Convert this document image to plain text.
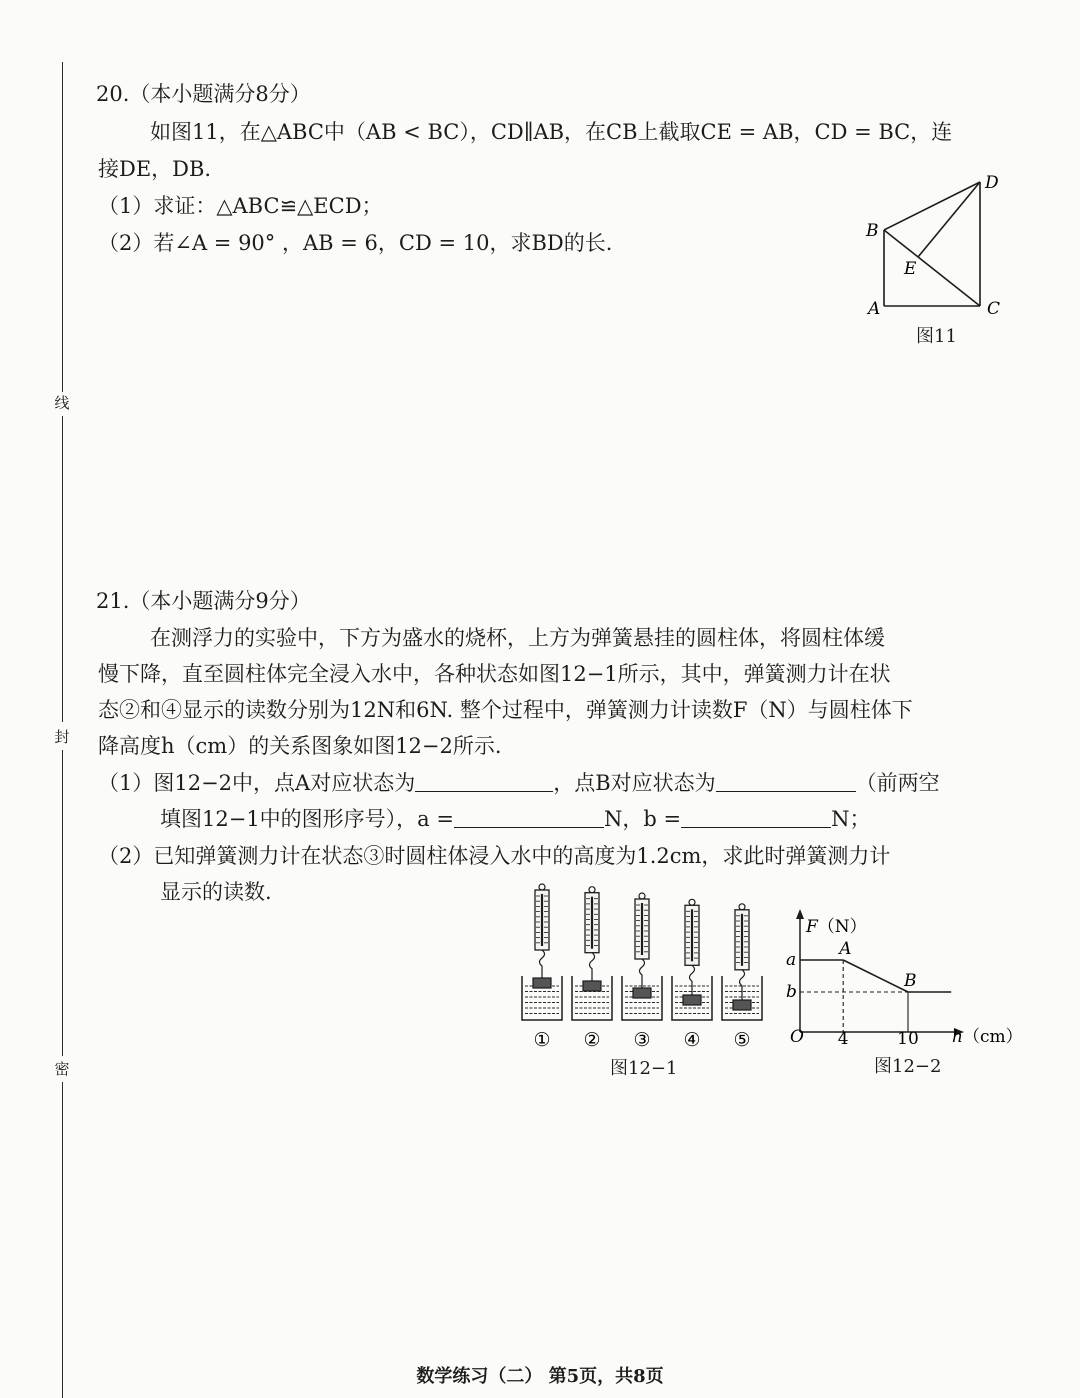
线
封
密
20.（本小题满分8分）
如图11，在△ABC中（AB < BC），CD∥AB，在CB上截取CE = AB，CD = BC，连
接DE，DB.
（1）求证：△ABC≌△ECD；
（2）若∠A = 90° ，AB = 6，CD = 10，求BD的长.
A
B
C
D
E
图11
21.（本小题满分9分）
在测浮力的实验中，下方为盛水的烧杯，上方为弹簧悬挂的圆柱体，将圆柱体缓
慢下降，直至圆柱体完全浸入水中，各种状态如图12−1所示，其中，弹簧测力计在状
态②和④显示的读数分别为12N和6N. 整个过程中，弹簧测力计读数F（N）与圆柱体下
降高度h（cm）的关系图象如图12−2所示.
（1）图12−2中，点A对应状态为	，点B对应状态为	（前两空
填图12−1中的图形序号），a =	N，b =	N；
（2）已知弹簧测力计在状态③时圆柱体浸入水中的高度为1.2cm，求此时弹簧测力计
显示的读数.
① ② ③ ④ ⑤
图12−1
a
b
4	10
A
B
F（N）
O	h（cm）
图12−2
数学练习（二） 第5页，共8页
